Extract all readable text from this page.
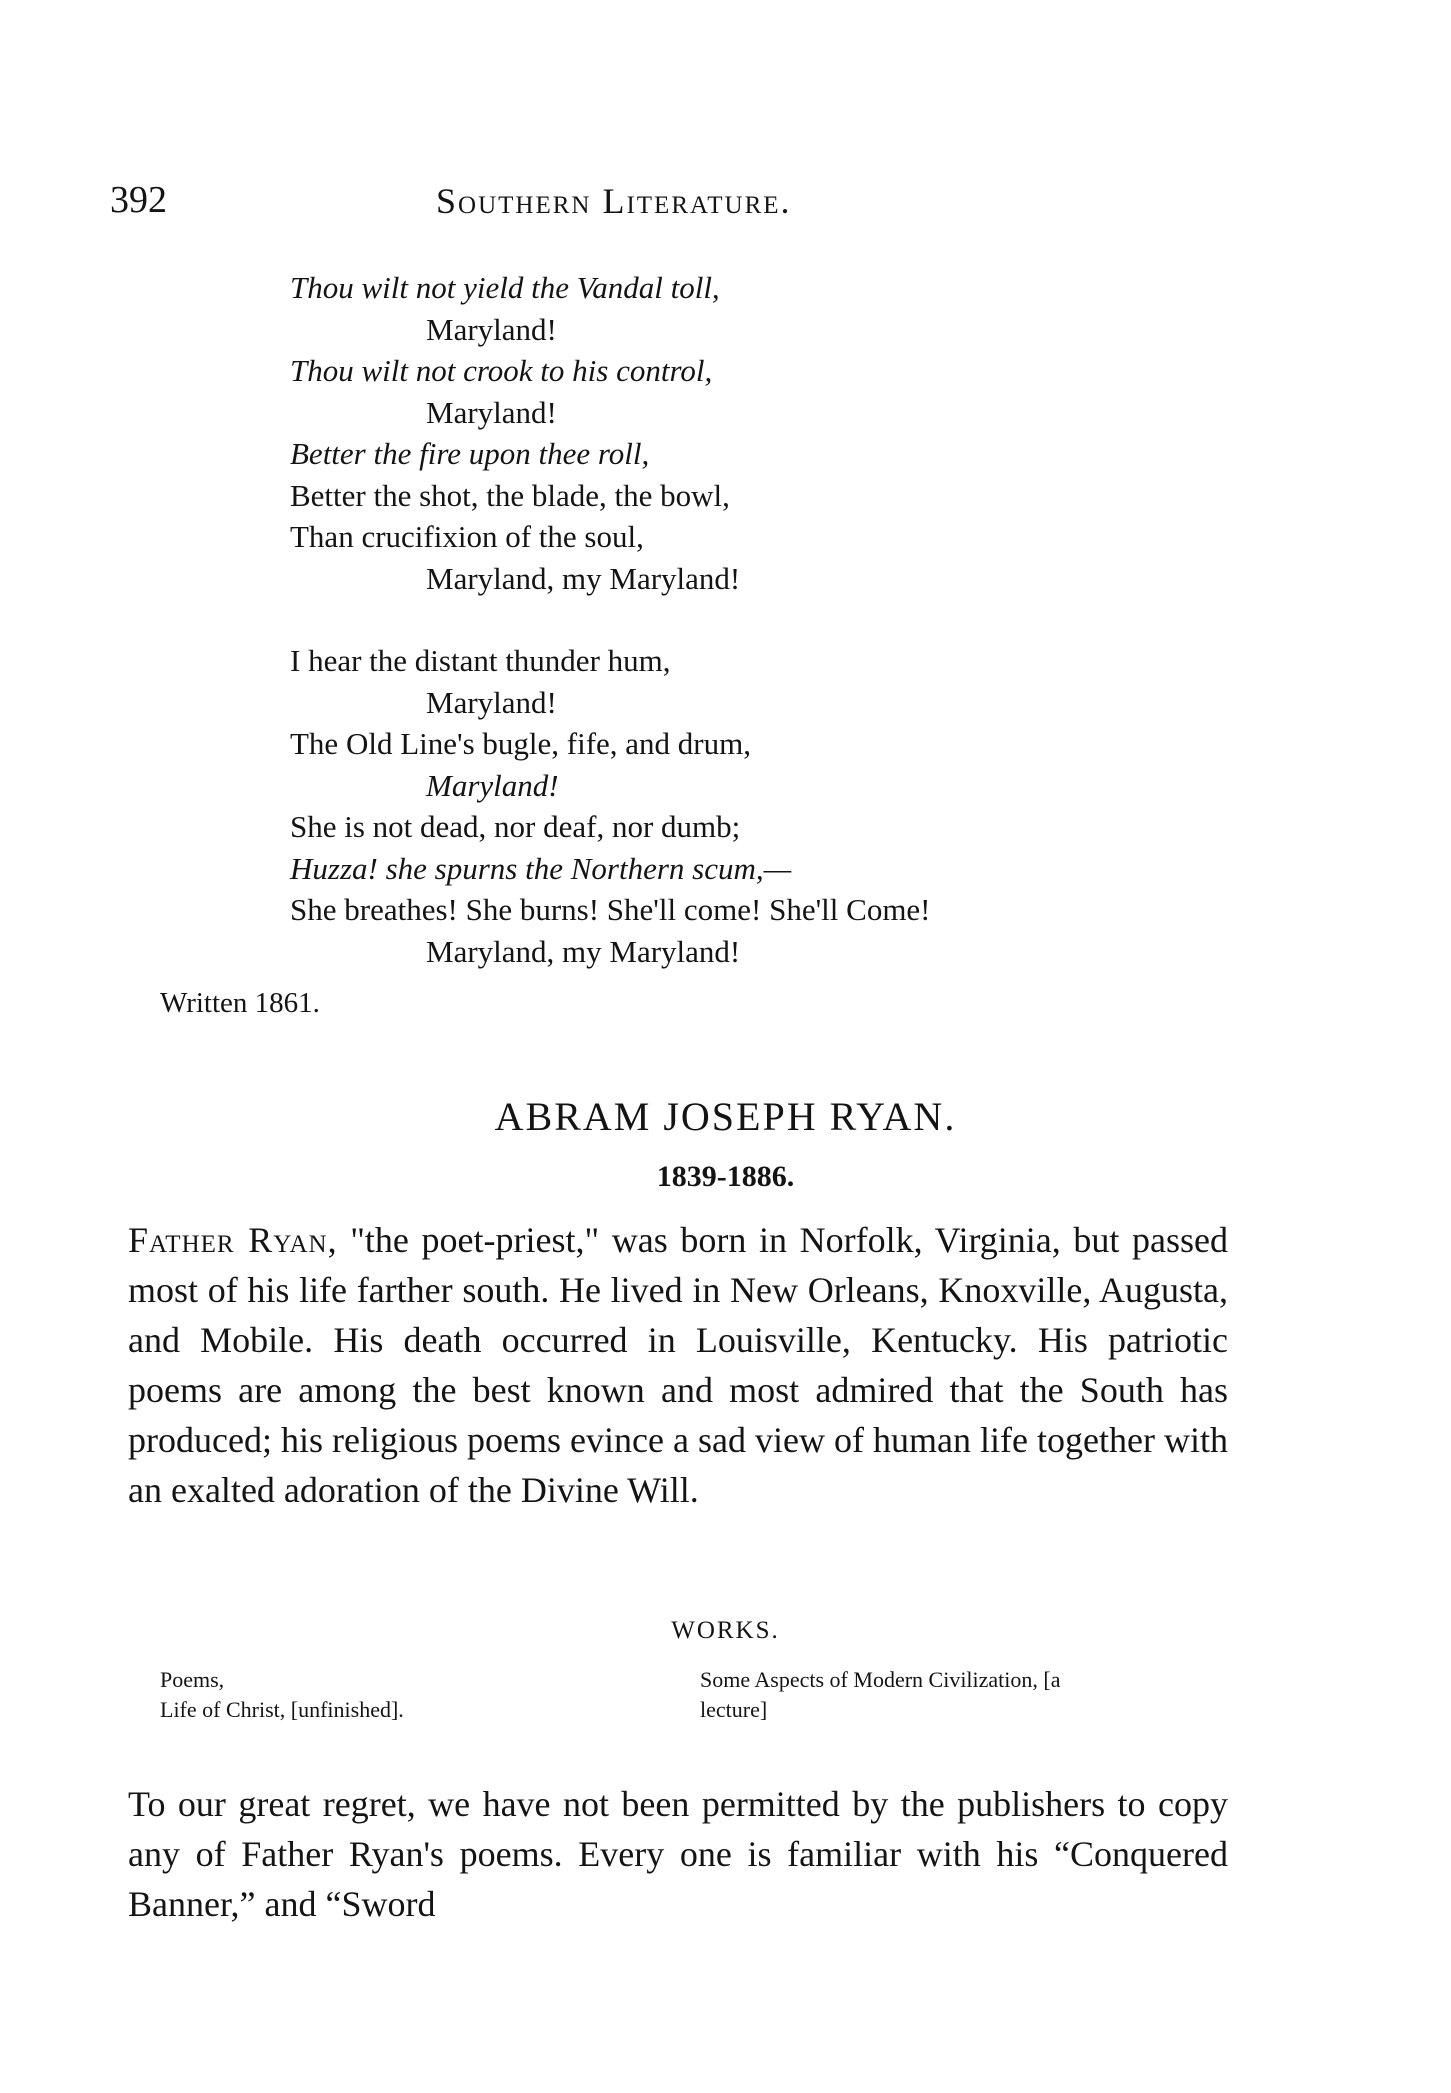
392	Southern Literature.
Thou wilt not yield the Vandal toll,
Maryland!
Thou wilt not crook to his control,
Maryland!
Better the fire upon thee roll,
Better the shot, the blade, the bowl,
Than crucifixion of the soul,
Maryland, my Maryland!
I hear the distant thunder hum,
Maryland!
The Old Line's bugle, fife, and drum,
Maryland!
She is not dead, nor deaf, nor dumb;
Huzza! she spurns the Northern scum,—
She breathes! She burns! She'll come! She'll Come!
Maryland, my Maryland!
Written 1861.
ABRAM JOSEPH RYAN.
1839-1886.
Father Ryan, "the poet-priest," was born in Norfolk, Virginia, but passed most of his life farther south. He lived in New Orleans, Knoxville, Augusta, and Mobile. His death occurred in Louisville, Kentucky. His patriotic poems are among the best known and most admired that the South has produced; his religious poems evince a sad view of human life together with an exalted adoration of the Divine Will.
WORKS.
Poems,
Life of Christ, [unfinished].
Some Aspects of Modern Civilization, [a
lecture]
To our great regret, we have not been permitted by the publishers to copy any of Father Ryan's poems. Every one is familiar with his “Conquered Banner,” and “Sword
